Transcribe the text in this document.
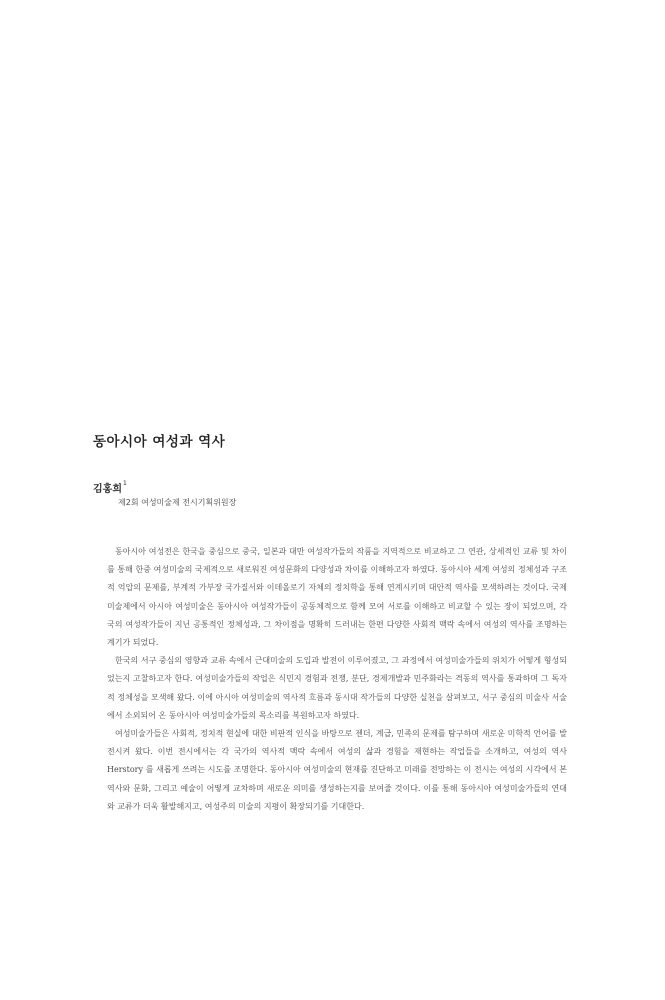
동아시아 여성과 역사
김홍희$^1$
제2회 여성미술제 전시기획위원장

동아시아 여성전은 한국을 중심으로 중국, 일본과 대만 여성작가들의 작품을 지역적으로 비교하고 그 연관, 상세적인 교류 및 차이를 통해 한중 여성미술의 국제적으로 새로워진 여성문화의 다양성과 차이를 이해하고자 하였다. 동아시아 세계 여성의 정체성과 구조적 억압의 문제를, 부계적 가부장 국가질서와 이데올로기 자체의 정치학을 통해 연계시키며 대안적 역사를 모색하려는 것이다. 국제미술제에서 아시아 여성미술은 동아시아 여성작가들이 공동체적으로 함께 모여 서로를 이해하고 비교할 수 있는 장이 되었으며, 각 국의 여성작가들이 지닌 공통적인 정체성과, 그 차이점을 명확히 드러내는 한편 다양한 사회적 맥락 속에서 여성의 역사를 조명하는 계기가 되었다.

한국의 서구 중심의 영향과 교류 속에서 근대미술의 도입과 발전이 이루어졌고, 그 과정에서 여성미술가들의 위치가 어떻게 형성되었는지 고찰하고자 한다. 여성미술가들의 작업은 식민지 경험과 전쟁, 분단, 경제개발과 민주화라는 격동의 역사를 통과하며 그 독자적 정체성을 모색해 왔다. 이에 아시아 여성미술의 역사적 흐름과 동시대 작가들의 다양한 실천을 살펴보고, 서구 중심의 미술사 서술에서 소외되어 온 동아시아 여성미술가들의 목소리를 복원하고자 하였다.

여성미술가들은 사회적, 정치적 현실에 대한 비판적 인식을 바탕으로 젠더, 계급, 민족의 문제를 탐구하며 새로운 미학적 언어를 발전시켜 왔다. 이번 전시에서는 각 국가의 역사적 맥락 속에서 여성의 삶과 경험을 재현하는 작업들을 소개하고, 여성의 역사 Herstory 를 새롭게 쓰려는 시도를 조명한다. 동아시아 여성미술의 현재를 진단하고 미래를 전망하는 이 전시는 여성의 시각에서 본 역사와 문화, 그리고 예술이 어떻게 교차하며 새로운 의미를 생성하는지를 보여줄 것이다. 이를 통해 동아시아 여성미술가들의 연대와 교류가 더욱 활발해지고, 여성주의 미술의 지평이 확장되기를 기대한다.
